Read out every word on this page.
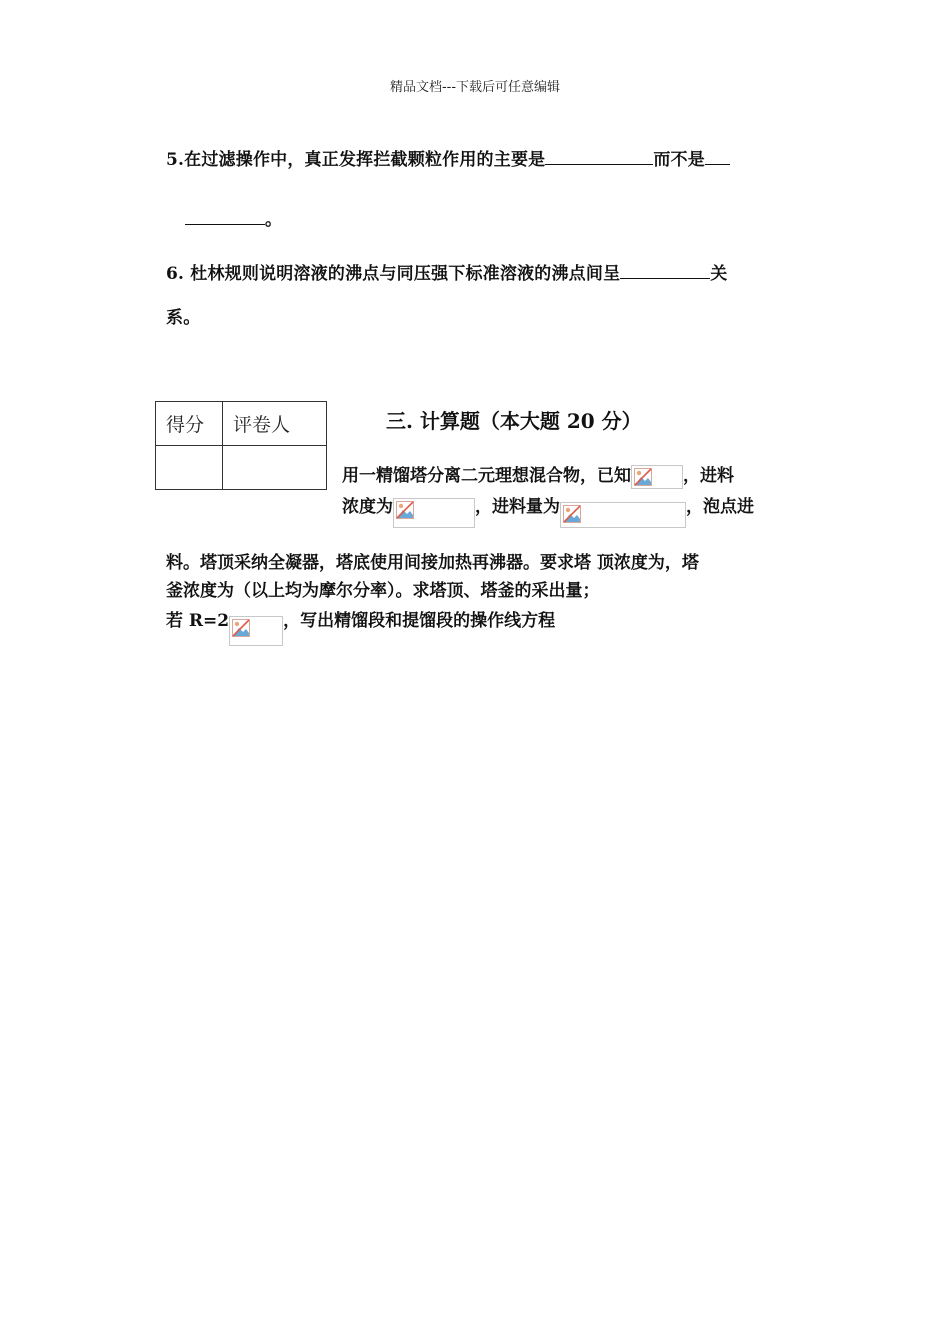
精品文档---下载后可任意编辑
5.在过滤操作中，真正发挥拦截颗粒作用的主要是	而不是
。
6. 杜林规则说明溶液的沸点与同压强下标准溶液的沸点间呈	关
系。
得分	评卷人
		三. 计算题（本大题 20 分）
用一精馏塔分离二元理想混合物，已知	，进料
浓度为	，进料量为	，泡点进
料。塔顶采纳全凝器，塔底使用间接加热再沸器。要求塔 顶浓度为，塔
釜浓度为（以上均为摩尔分率）。求塔顶、塔釜的采出量；
若 R=2	，写出精馏段和提馏段的操作线方程
